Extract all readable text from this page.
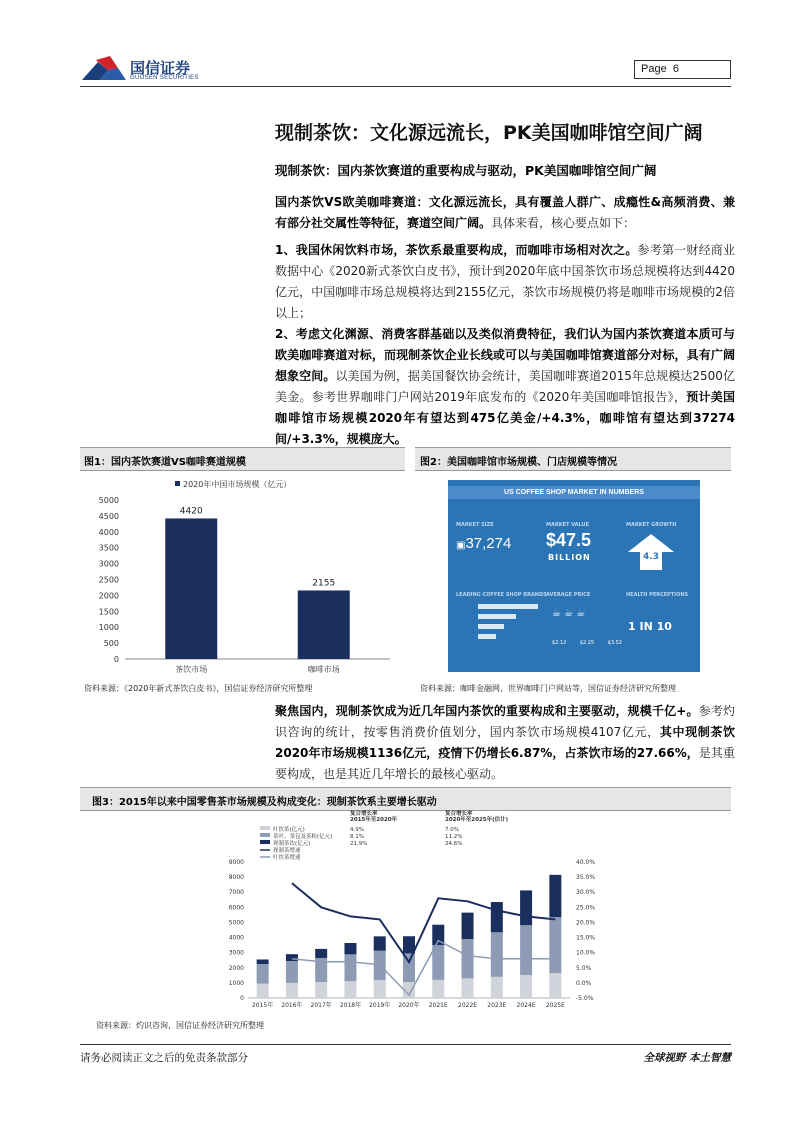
国信证券
GUOSEN SECURITIES
Page 6
现制茶饮：文化源远流长，PK美国咖啡馆空间广阔
现制茶饮：国内茶饮赛道的重要构成与驱动，PK美国咖啡馆空间广阔
国内茶饮VS欧美咖啡赛道：文化源远流长，具有覆盖人群广、成瘾性&高频消费、兼有部分社交属性等特征，赛道空间广阔。具体来看，核心要点如下：
1、我国休闲饮料市场，茶饮系最重要构成，而咖啡市场相对次之。参考第一财经商业数据中心《2020新式茶饮白皮书》，预计到2020年底中国茶饮市场总规模将达到4420亿元，中国咖啡市场总规模将达到2155亿元，茶饮市场规模仍将是咖啡市场规模的2倍以上；
2、考虑文化渊源、消费客群基础以及类似消费特征，我们认为国内茶饮赛道本质可与欧美咖啡赛道对标，而现制茶饮企业长线或可以与美国咖啡馆赛道部分对标，具有广阔想象空间。以美国为例，据美国餐饮协会统计，美国咖啡赛道2015年总规模达2500亿美金。参考世界咖啡门户网站2019年底发布的《2020年美国咖啡馆报告》，预计美国咖啡馆市场规模2020年有望达到475亿美金/+4.3%，咖啡馆有望达到37274间/+3.3%，规模庞大。
图1：国内茶饮赛道VS咖啡赛道规模
2020年中国市场规模（亿元）
5000
4500
4000
3500
3000
2500
2000
1500
1000
500
0
4420
茶饮市场
2155
咖啡市场
资料来源：《2020年新式茶饮白皮书》，国信证券经济研究所整理
图2：美国咖啡馆市场规模、门店规模等情况
US COFFEE SHOP MARKET IN NUMBERS
MARKET SIZE
▣37,274
MARKET VALUE
$47.5
BILLION
MARKET GROWTH
4.3
LEADING COFFEE SHOP BRANDS AVERAGE PRICE
☕ ☕ ☕
$2.12	$2.25	$3.52
HEALTH PERCEPTIONS
1 IN 10
资料来源：咖啡金融网、世界咖啡门户网站等，国信证券经济研究所整理
聚焦国内，现制茶饮成为近几年国内茶饮的重要构成和主要驱动，规模千亿+。参考灼识咨询的统计，按零售消费价值划分，国内茶饮市场规模4107亿元，其中现制茶饮2020年市场规模1136亿元，疫情下仍增长6.87%，占茶饮市场的27.66%，是其重要构成，也是其近几年增长的最核心驱动。
图3：2015年以来中国零售茶市场规模及构成变化：现制茶饮系主要增长驱动
复合增长率
2015年至2020年
复合增长率
2020年至2025年(估计)
叶饮茶(亿元)	4.9%	7.0%
茶叶、茶包及茶粉(亿元)	8.1%	11.2%
现制茶饮(亿元)	21.9%	24.6%
现制茶增速
叶饮茶增速
9000
8000
7000
6000
5000
4000
3000
2000
1000
0
40.0%
35.0%
30.0%
25.0%
20.0%
15.0%
10.0%
5.0%
0.0%
-5.0%
2015年 2016年 2017年 2018年 2019年 2020年 2021E 2022E 2023E 2024E 2025E
资料来源：灼识咨询，国信证券经济研究所整理
请务必阅读正文之后的免责条款部分	全球视野 本土智慧
